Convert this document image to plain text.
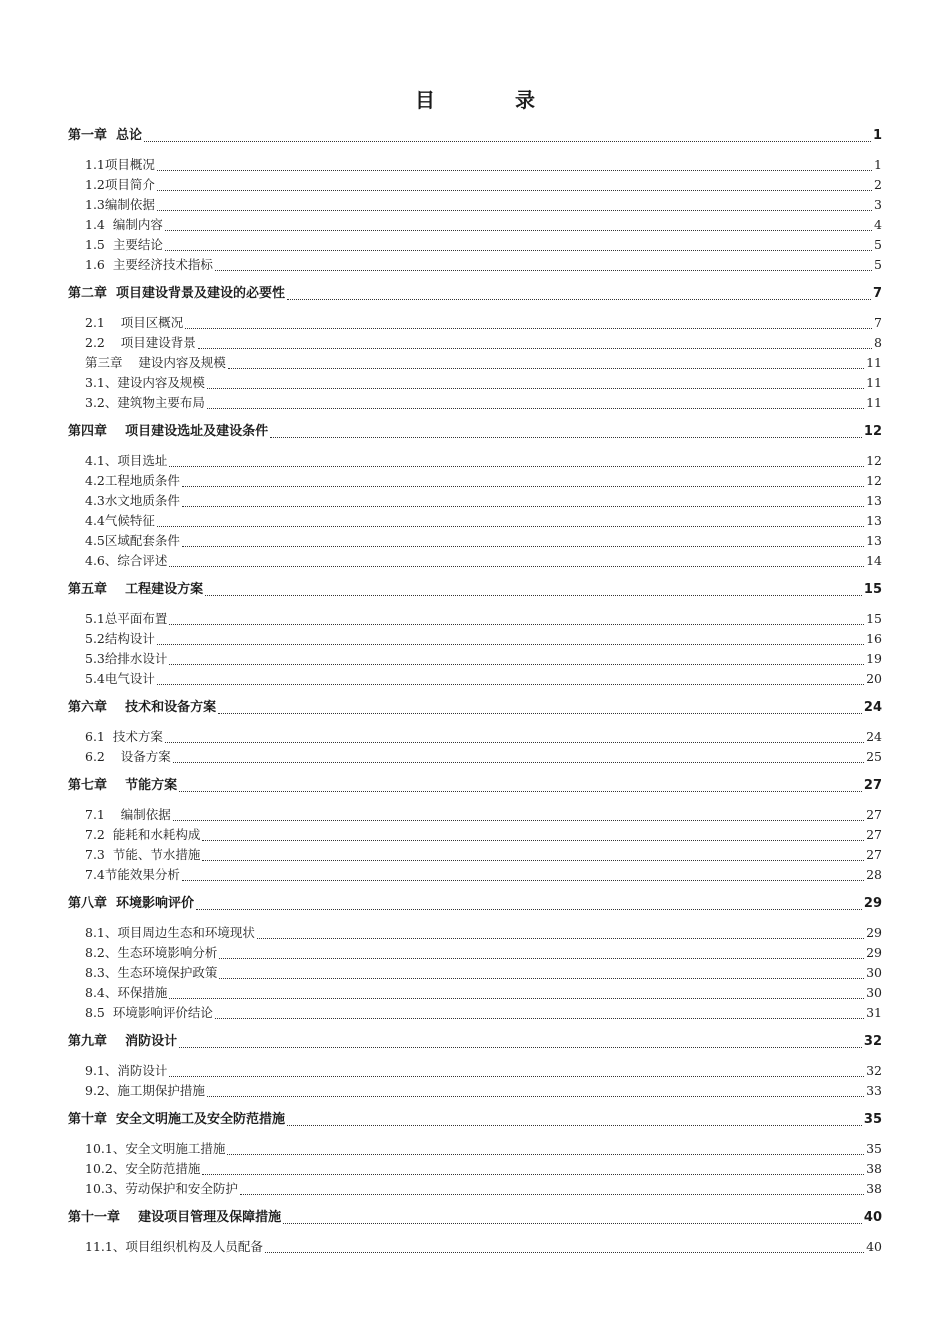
目　录
第一章  总论	1
1.1项目概况	1
1.2项目简介	2
1.3编制依据	3
1.4  编制内容	4
1.5  主要结论	5
1.6  主要经济技术指标	5
第二章  项目建设背景及建设的必要性	7
2.1    项目区概况	7
2.2    项目建设背景	8
第三章    建设内容及规模	11
3.1、建设内容及规模	11
3.2、建筑物主要布局	11
第四章    项目建设选址及建设条件	12
4.1、项目选址	12
4.2工程地质条件	12
4.3水文地质条件	13
4.4气候特征	13
4.5区域配套条件	13
4.6、综合评述	14
第五章    工程建设方案	15
5.1总平面布置	15
5.2结构设计	16
5.3给排水设计	19
5.4电气设计	20
第六章    技术和设备方案	24
6.1  技术方案	24
6.2    设备方案	25
第七章    节能方案	27
7.1    编制依据	27
7.2  能耗和水耗构成	27
7.3  节能、节水措施	27
7.4节能效果分析	28
第八章  环境影响评价	29
8.1、项目周边生态和环境现状	29
8.2、生态环境影响分析	29
8.3、生态环境保护政策	30
8.4、环保措施	30
8.5  环境影响评价结论	31
第九章    消防设计	32
9.1、消防设计	32
9.2、施工期保护措施	33
第十章  安全文明施工及安全防范措施	35
10.1、安全文明施工措施	35
10.2、安全防范措施	38
10.3、劳动保护和安全防护	38
第十一章    建设项目管理及保障措施	40
11.1、项目组织机构及人员配备	40
